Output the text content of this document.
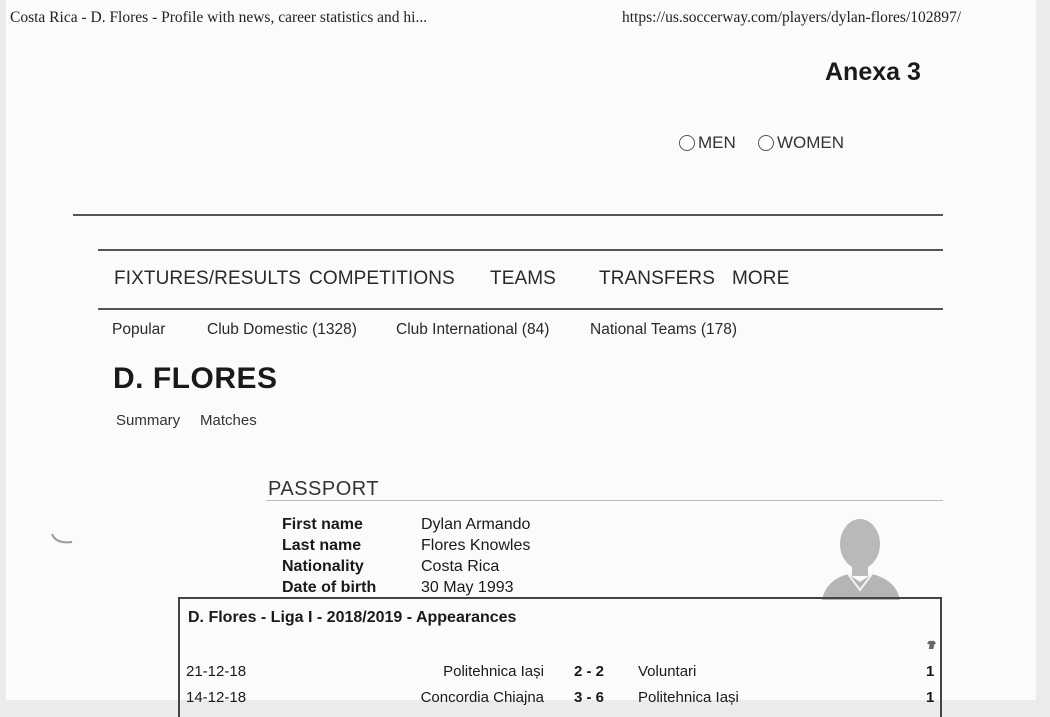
Costa Rica - D. Flores - Profile with news, career statistics and hi...	https://us.soccerway.com/players/dylan-flores/102897/
Anexa 3
MEN WOMEN
FIXTURES/RESULTS COMPETITIONS TEAMS TRANSFERS MORE
Popular	Club Domestic (1328)	Club International (84)	National Teams (178)
D. FLORES
Summary Matches
PASSPORT
First name	Dylan Armando
Last name	Flores Knowles
Nationality	Costa Rica
Date of birth	30 May 1993
D. Flores - Liga I - 2018/2019 - Appearances
21-12-18	Politehnica Iași 2 - 2 Voluntari	1
14-12-18	Concordia Chiajna 3 - 6 Politehnica Iași	1
